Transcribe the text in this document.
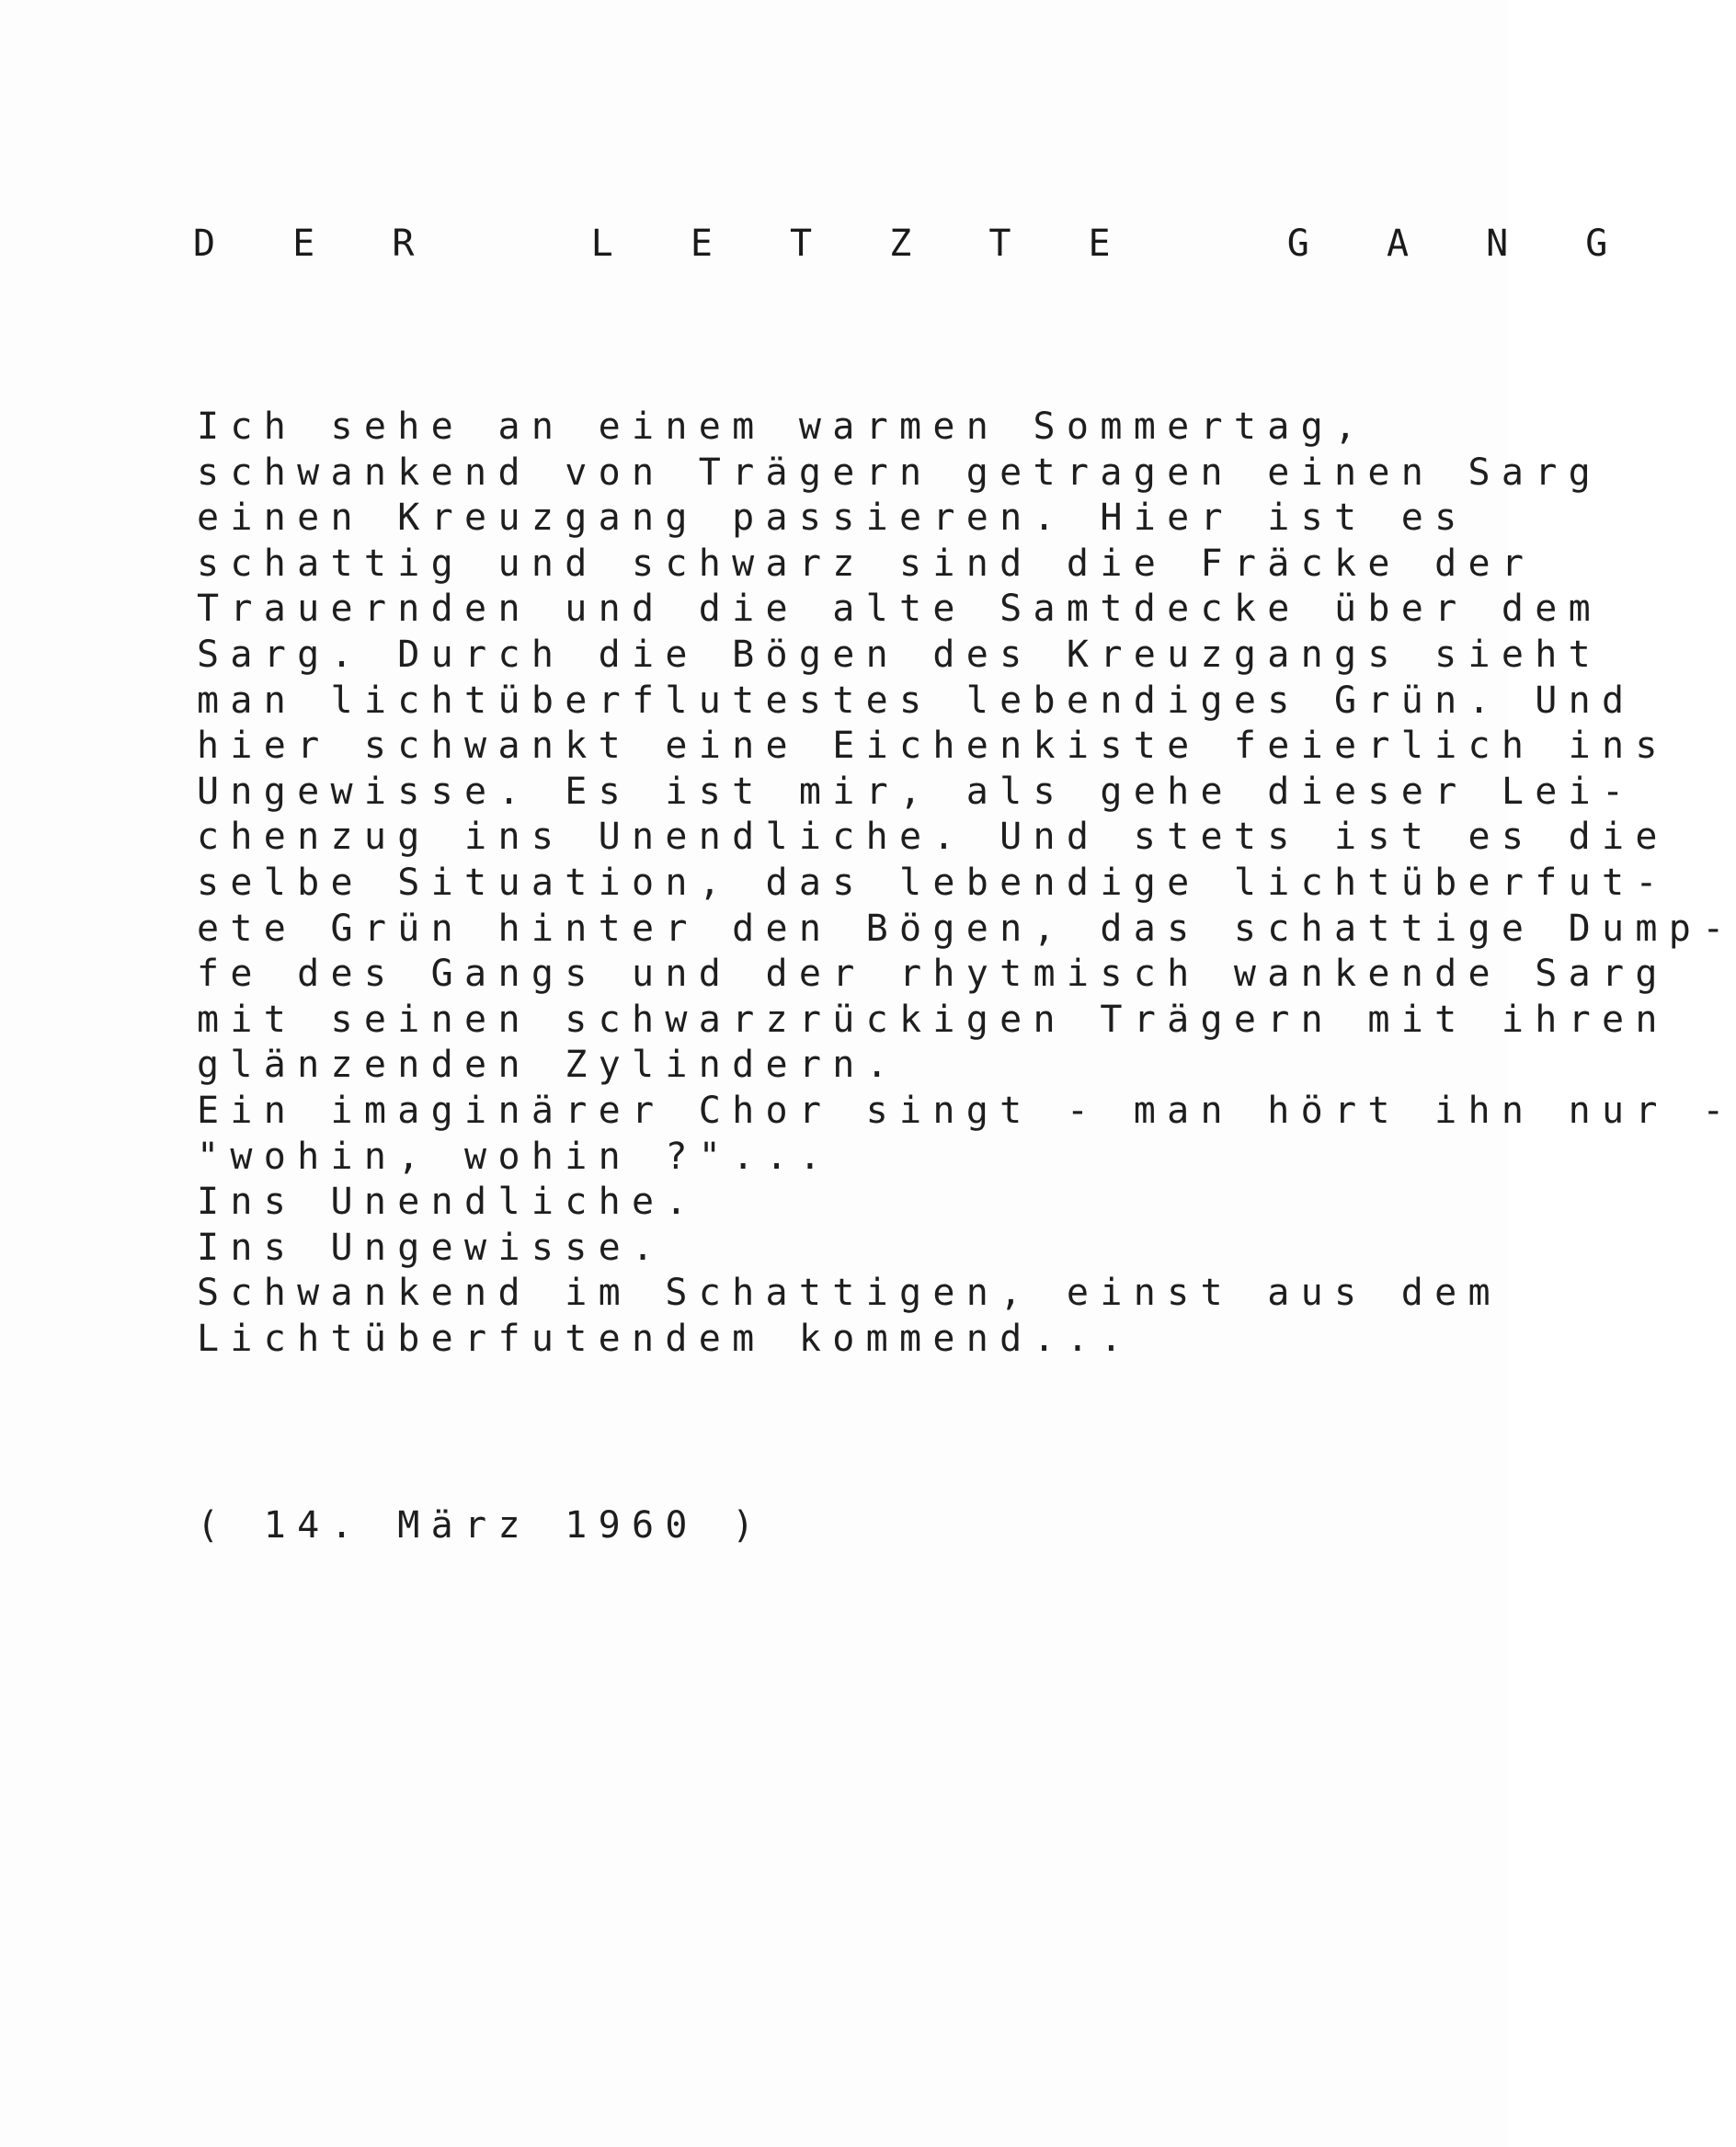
D E R   L E T Z T E   G A N G
Ich sehe an einem warmen Sommertag,
schwankend von Trägern getragen einen Sarg
einen Kreuzgang passieren. Hier ist es
schattig und schwarz sind die Fräcke der
Trauernden und die alte Samtdecke über dem
Sarg. Durch die Bögen des Kreuzgangs sieht
man lichtüberflutestes lebendiges Grün. Und
hier schwankt eine Eichenkiste feierlich ins
Ungewisse. Es ist mir, als gehe dieser Lei-
chenzug ins Unendliche. Und stets ist es die
selbe Situation, das lebendige lichtüberfut-
ete Grün hinter den Bögen, das schattige Dump-
fe des Gangs und der rhytmisch wankende Sarg
mit seinen schwarzrückigen Trägern mit ihren
glänzenden Zylindern.
Ein imaginärer Chor singt - man hört ihn nur -
"wohin, wohin ?"...
Ins Unendliche.
Ins Ungewisse.
Schwankend im Schattigen, einst aus dem
Lichtüberfutendem kommend...
( 14. März 1960 )
